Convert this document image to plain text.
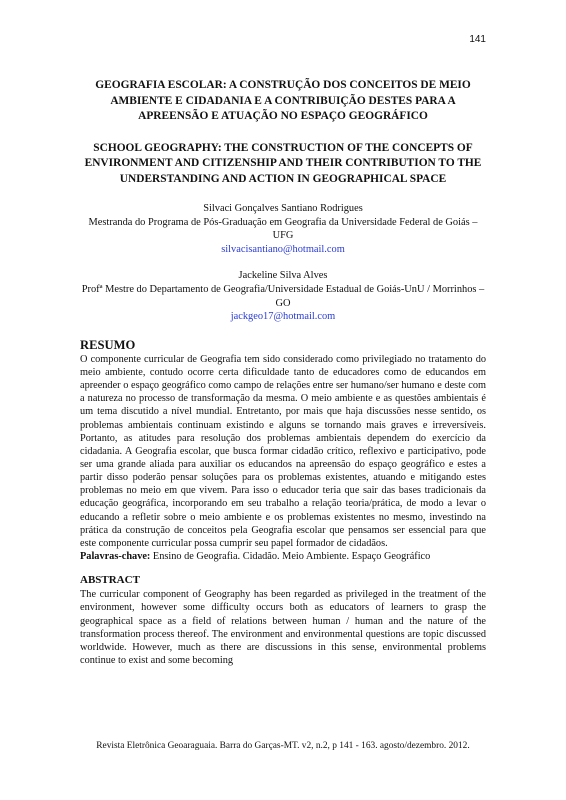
141

GEOGRAFIA ESCOLAR: A CONSTRUÇÃO DOS CONCEITOS DE MEIO AMBIENTE E CIDADANIA E A CONTRIBUIÇÃO DESTES PARA A APREENSÃO E ATUAÇÃO NO ESPAÇO GEOGRÁFICO

SCHOOL GEOGRAPHY: THE CONSTRUCTION OF THE CONCEPTS OF ENVIRONMENT AND CITIZENSHIP AND THEIR CONTRIBUTION TO THE UNDERSTANDING AND ACTION IN GEOGRAPHICAL SPACE

Silvaci Gonçalves Santiano Rodrigues
Mestranda do Programa de Pós-Graduação em Geografia da Universidade Federal de Goiás – UFG
silvacisantiano@hotmail.com
Jackeline Silva Alves
Profª Mestre do Departamento de Geografia/Universidade Estadual de Goiás-UnU / Morrinhos – GO
jackgeo17@hotmail.com
RESUMO

O componente curricular de Geografia tem sido considerado como privilegiado no tratamento do meio ambiente, contudo ocorre certa dificuldade tanto de educadores como de educandos em apreender o espaço geográfico como campo de relações entre ser humano/ser humano e deste com a natureza no processo de transformação da mesma. O meio ambiente e as questões ambientais é um tema discutido a nível mundial. Entretanto, por mais que haja discussões nesse sentido, os problemas ambientais continuam existindo e alguns se tornando mais graves e irreversíveis. Portanto, as atitudes para resolução dos problemas ambientais dependem do exercício da cidadania. A Geografia escolar, que busca formar cidadão crítico, reflexivo e participativo, pode ser uma grande aliada para auxiliar os educandos na apreensão do espaço geográfico e estes a partir disso poderão pensar soluções para os problemas existentes, atuando e mitigando estes problemas no meio em que vivem. Para isso o educador teria que sair das bases tradicionais da educação geográfica, incorporando em seu trabalho a relação teoria/prática, de modo a levar o educando a refletir sobre o meio ambiente e os problemas existentes no mesmo, investindo na prática da construção de conceitos pela Geografia escolar que pensamos ser essencial para que este componente curricular possa cumprir seu papel formador de cidadãos.

Palavras-chave: Ensino de Geografia. Cidadão. Meio Ambiente. Espaço Geográfico

ABSTRACT

The curricular component of Geography has been regarded as privileged in the treatment of the environment, however some difficulty occurs both as educators of learners to grasp the geographical space as a field of relations between human / human and the nature of the transformation process thereof. The environment and environmental questions are topic discussed worldwide. However, much as there are discussions in this sense, environmental problems continue to exist and some becoming

Revista Eletrônica Geoaraguaia. Barra do Garças-MT. v2, n.2, p 141 - 163. agosto/dezembro. 2012.
